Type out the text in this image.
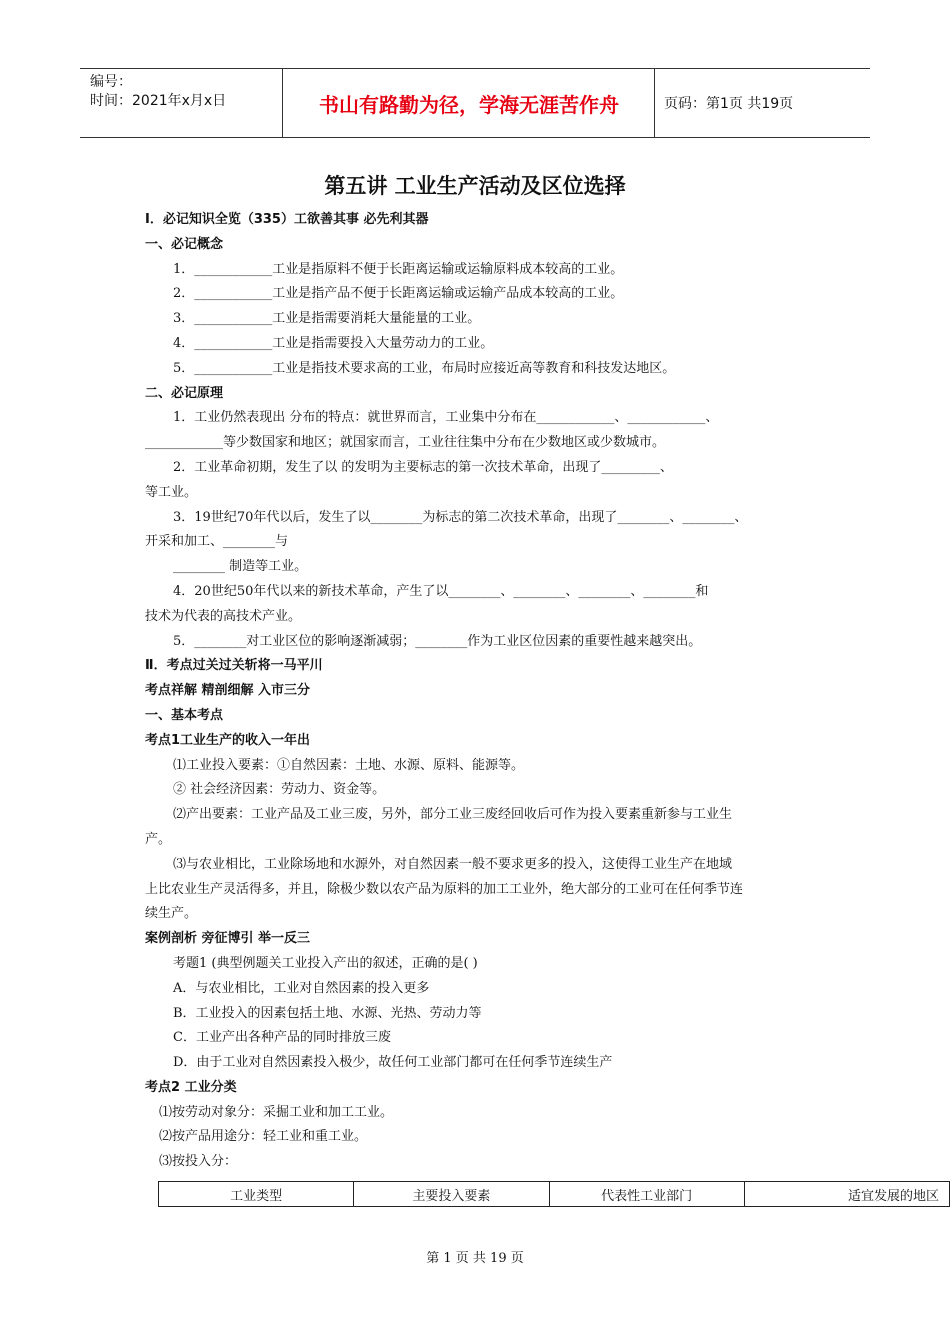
编号：
时间：2021年x月x日	书山有路勤为径，学海无涯苦作舟	页码：第1页 共19页
第五讲 工业生产活动及区位选择

I．必记知识全览（335）工欲善其事 必先利其器

一、必记概念

1．____________工业是指原料不便于长距离运输或运输原料成本较高的工业。

2．____________工业是指产品不便于长距离运输或运输产品成本较高的工业。

3．____________工业是指需要消耗大量能量的工业。

4．____________工业是指需要投入大量劳动力的工业。

5．____________工业是指技术要求高的工业，布局时应接近高等教育和科技发达地区。

二、必记原理

1．工业仍然表现出 分布的特点：就世界而言，工业集中分布在____________、____________、

____________等少数国家和地区；就国家而言，工业往往集中分布在少数地区或少数城市。

2．工业革命初期，发生了以 的发明为主要标志的第一次技术革命，出现了_________、

等工业。

3．19世纪70年代以后，发生了以________为标志的第二次技术革命，出现了________、________、

开采和加工、________与

________ 制造等工业。

4．20世纪50年代以来的新技术革命，产生了以________、________、________、________和

技术为代表的高技术产业。

5．________对工业区位的影响逐渐减弱；________作为工业区位因素的重要性越来越突出。

Ⅱ．考点过关过关斩将一马平川

考点祥解 精剖细解 入市三分

一、基本考点

考点1工业生产的收入一年出

⑴工业投入要素：①自然因素：土地、水源、原料、能源等。

② 社会经济因素：劳动力、资金等。

⑵产出要素：工业产品及工业三废，另外，部分工业三废经回收后可作为投入要素重新参与工业生

产。

⑶与农业相比，工业除场地和水源外，对自然因素一般不要求更多的投入，这使得工业生产在地域

上比农业生产灵活得多，并且，除极少数以农产品为原料的加工工业外，绝大部分的工业可在任何季节连

续生产。

案例剖析 旁征博引 举一反三

考题1 (典型例题关工业投入产出的叙述，正确的是( )

A．与农业相比，工业对自然因素的投入更多

B．工业投入的因素包括土地、水源、光热、劳动力等

C．工业产出各种产品的同时排放三废

D．由于工业对自然因素投入极少，故任何工业部门都可在任何季节连续生产

考点2 工业分类

⑴按劳动对象分：采掘工业和加工工业。

⑵按产品用途分：轻工业和重工业。

⑶按投入分：

工业类型	主要投入要素	代表性工业部门	适宜发展的地区
第 1 页 共 19 页
